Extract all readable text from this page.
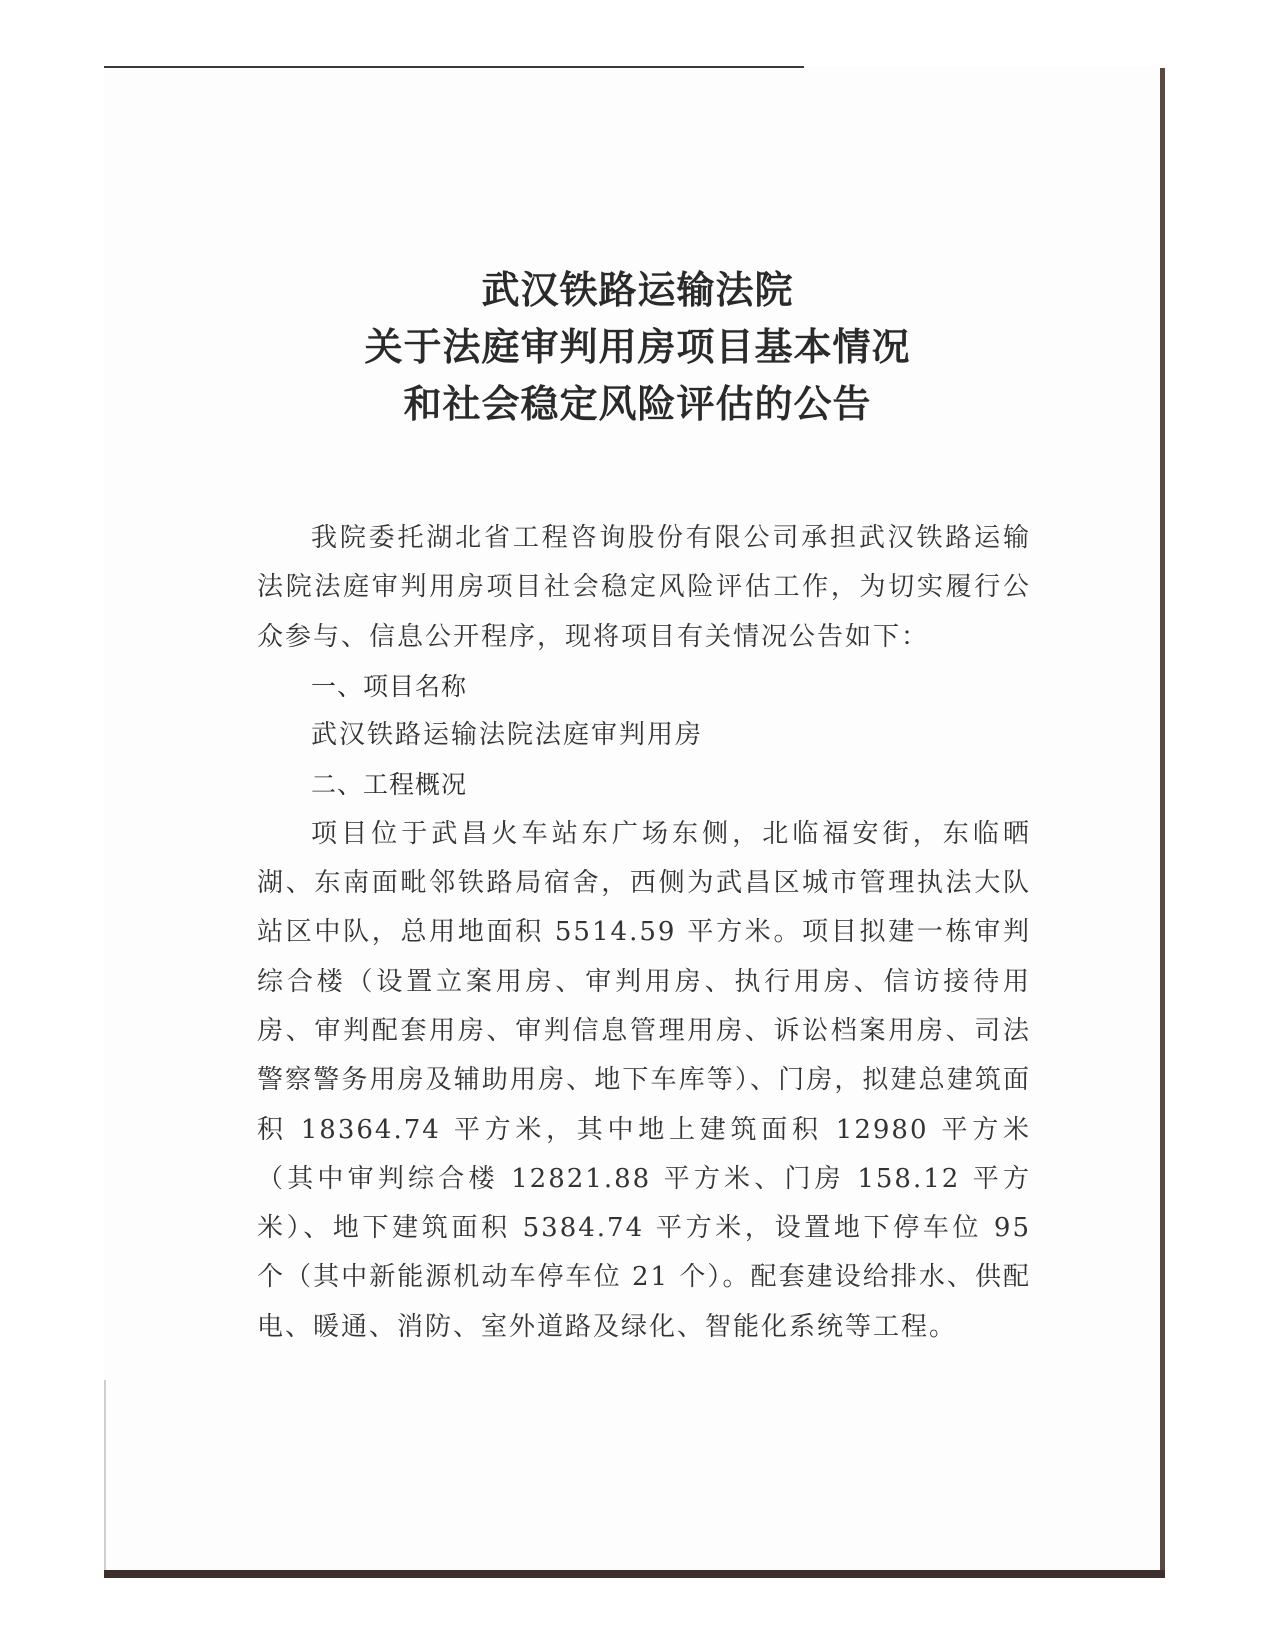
武汉铁路运输法院
关于法庭审判用房项目基本情况
和社会稳定风险评估的公告

我院委托湖北省工程咨询股份有限公司承担武汉铁路运输法院法庭审判用房项目社会稳定风险评估工作，为切实履行公众参与、信息公开程序，现将项目有关情况公告如下：

一、项目名称

武汉铁路运输法院法庭审判用房

二、工程概况

项目位于武昌火车站东广场东侧，北临福安街，东临晒湖、东南面毗邻铁路局宿舍，西侧为武昌区城市管理执法大队站区中队，总用地面积 5514.59 平方米。项目拟建一栋审判综合楼（设置立案用房、审判用房、执行用房、信访接待用房、审判配套用房、审判信息管理用房、诉讼档案用房、司法警察警务用房及辅助用房、地下车库等）、门房，拟建总建筑面积 18364.74 平方米，其中地上建筑面积 12980 平方米（其中审判综合楼 12821.88 平方米、门房 158.12 平方米）、地下建筑面积 5384.74 平方米，设置地下停车位 95 个（其中新能源机动车停车位 21 个）。配套建设给排水、供配电、暖通、消防、室外道路及绿化、智能化系统等工程。
